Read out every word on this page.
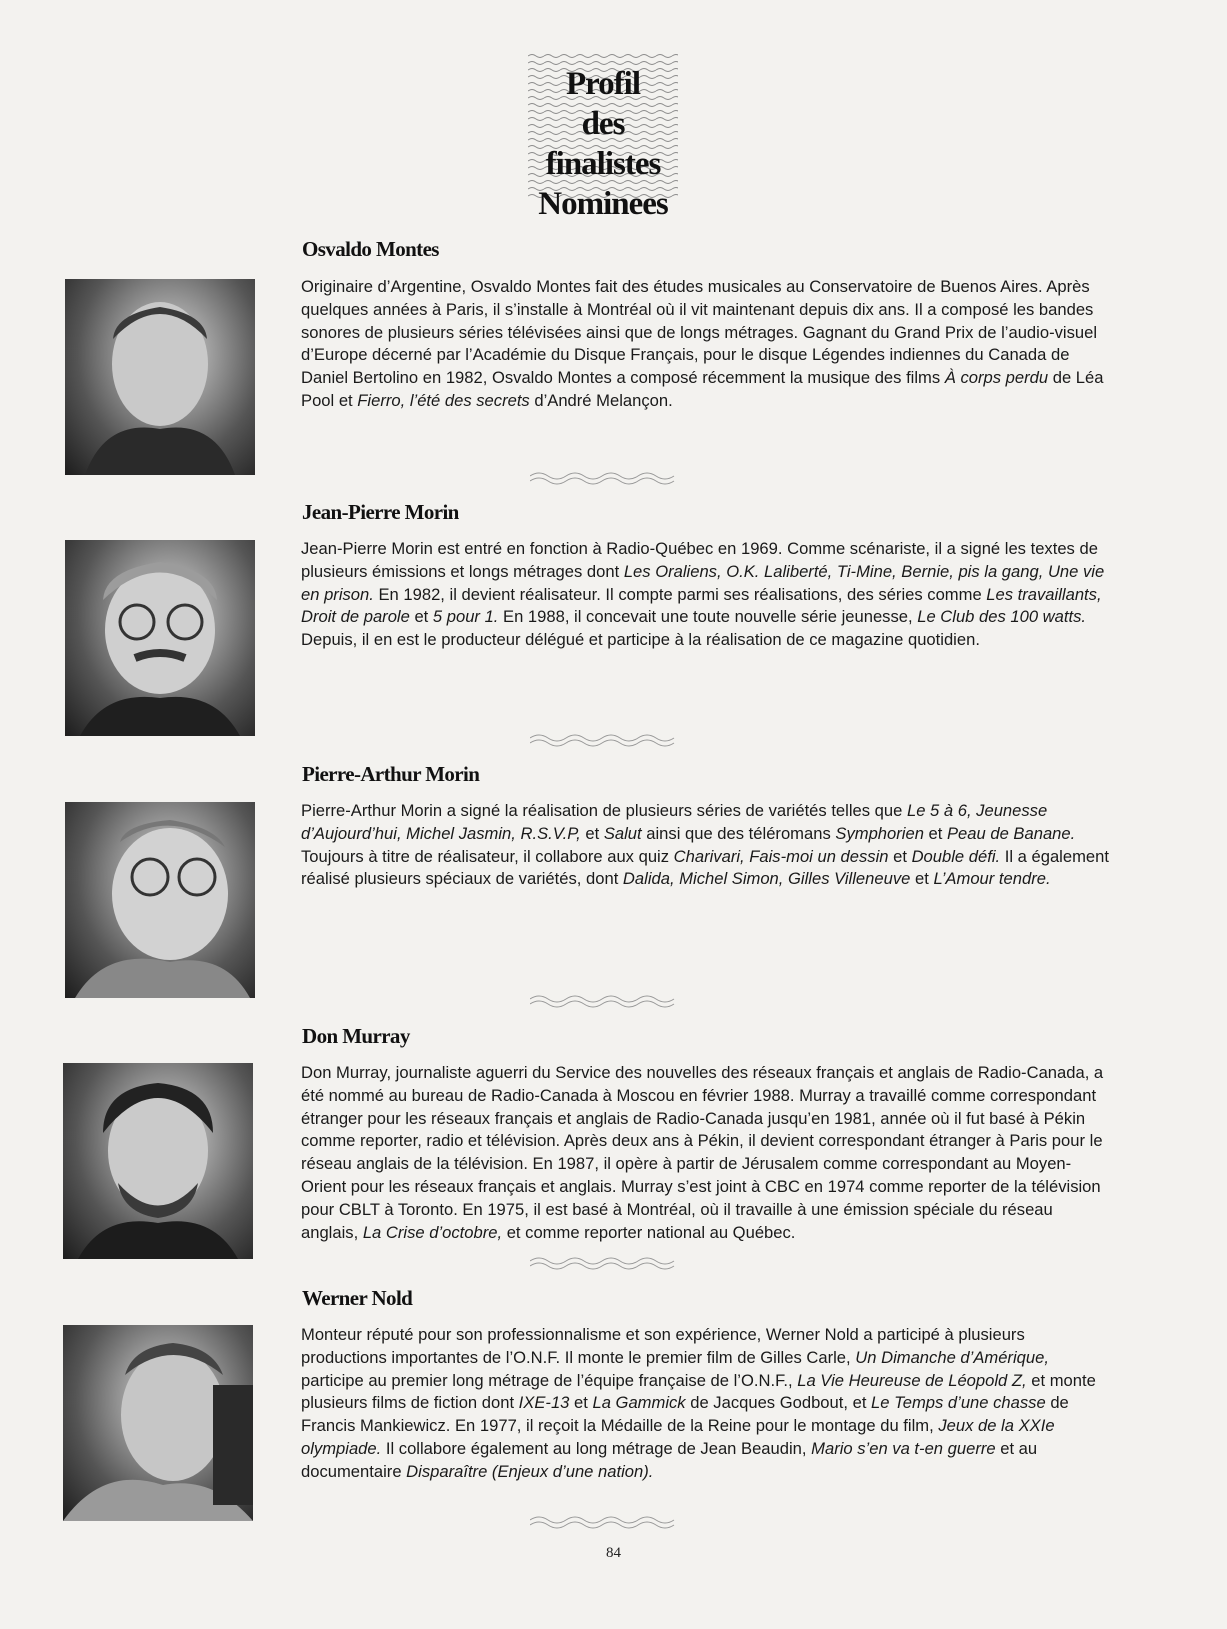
Profil
des finalistes
Nominees
Osvaldo Montes
Originaire d’Argentine, Osvaldo Montes fait des études musicales au Conservatoire de Buenos Aires. Après quelques années à Paris, il s’installe à Montréal où il vit maintenant depuis dix ans. Il a composé les bandes sonores de plusieurs séries télévisées ainsi que de longs métrages. Gagnant du Grand Prix de l’audio-visuel d’Europe décerné par l’Académie du Disque Français, pour le disque Légendes indiennes du Canada de Daniel Bertolino en 1982, Osvaldo Montes a composé récemment la musique des films À corps perdu de Léa Pool et Fierro, l’été des secrets d’André Melançon.
Jean-Pierre Morin
Jean-Pierre Morin est entré en fonction à Radio-Québec en 1969. Comme scénariste, il a signé les textes de plusieurs émissions et longs métrages dont Les Oraliens, O.K. Laliberté, Ti-Mine, Bernie, pis la gang, Une vie en prison. En 1982, il devient réalisateur. Il compte parmi ses réalisations, des séries comme Les travaillants, Droit de parole et 5 pour 1. En 1988, il concevait une toute nouvelle série jeunesse, Le Club des 100 watts. Depuis, il en est le producteur délégué et participe à la réalisation de ce magazine quotidien.
Pierre-Arthur Morin
Pierre-Arthur Morin a signé la réalisation de plusieurs séries de variétés telles que Le 5 à 6, Jeunesse d’Aujourd’hui, Michel Jasmin, R.S.V.P, et Salut ainsi que des téléromans Symphorien et Peau de Banane. Toujours à titre de réalisateur, il collabore aux quiz Charivari, Fais-moi un dessin et Double défi. Il a également réalisé plusieurs spéciaux de variétés, dont Dalida, Michel Simon, Gilles Villeneuve et L’Amour tendre.
Don Murray
Don Murray, journaliste aguerri du Service des nouvelles des réseaux français et anglais de Radio-Canada, a été nommé au bureau de Radio-Canada à Moscou en février 1988. Murray a travaillé comme correspondant étranger pour les réseaux français et anglais de Radio-Canada jusqu’en 1981, année où il fut basé à Pékin comme reporter, radio et télévision. Après deux ans à Pékin, il devient correspondant étranger à Paris pour le réseau anglais de la télévision. En 1987, il opère à partir de Jérusalem comme correspondant au Moyen-Orient pour les réseaux français et anglais. Murray s’est joint à CBC en 1974 comme reporter de la télévision pour CBLT à Toronto. En 1975, il est basé à Montréal, où il travaille à une émission spéciale du réseau anglais, La Crise d’octobre, et comme reporter national au Québec.
Werner Nold
Monteur réputé pour son professionnalisme et son expérience, Werner Nold a participé à plusieurs productions importantes de l’O.N.F. Il monte le premier film de Gilles Carle, Un Dimanche d’Amérique, participe au premier long métrage de l’équipe française de l’O.N.F., La Vie Heureuse de Léopold Z, et monte plusieurs films de fiction dont IXE-13 et La Gammick de Jacques Godbout, et Le Temps d’une chasse de Francis Mankiewicz. En 1977, il reçoit la Médaille de la Reine pour le montage du film, Jeux de la XXIe olympiade. Il collabore également au long métrage de Jean Beaudin, Mario s’en va t-en guerre et au documentaire Disparaître (Enjeux d’une nation).
84
